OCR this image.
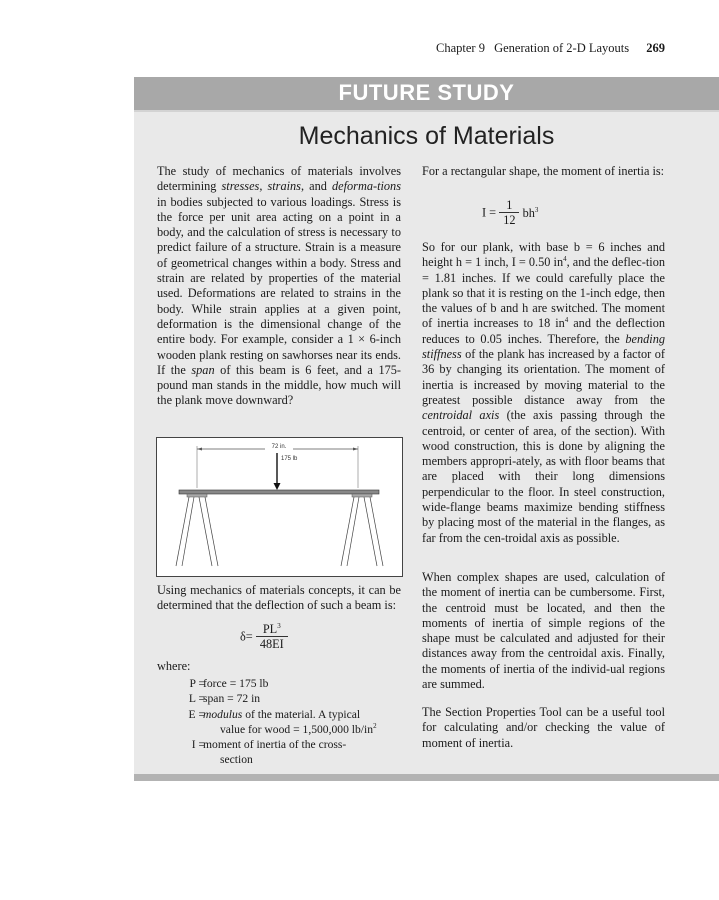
Chapter 9 Generation of 2-D Layouts 269
FUTURE STUDY
Mechanics of Materials

The study of mechanics of materials involves determining stresses, strains, and deforma-tions in bodies subjected to various loadings. Stress is the force per unit area acting on a point in a body, and the calculation of stress is necessary to predict failure of a structure. Strain is a measure of geometrical changes within a body. Stress and strain are related by properties of the material used. Deformations are related to strains in the body. While strain applies at a given point, deformation is the dimensional change of the entire body. For example, consider a 1 × 6-inch wooden plank resting on sawhorses near its ends. If the span of this beam is 6 feet, and a 175-pound man stands in the middle, how much will the plank move downward?

72 in.
175 lb

Using mechanics of materials concepts, it can be determined that the deflection of such a beam is:

$\delta= \frac{PL^3}{48EI}$

where:

P =
force = 175 lb
L =
span = 72 in
E =
modulus of the material. A typical
value for wood = 1,500,000 $lb/in^2$
I =
moment of inertia of the cross-
section

For a rectangular shape, the moment of inertia is:

$I = \frac{1}{12} bh^3$

So for our plank, with base b = 6 inches and height h = 1 inch, I = 0.50 $in^4$, and the deflec-tion = 1.81 inches. If we could carefully place the plank so that it is resting on the 1-inch edge, then the values of b and h are switched. The moment of inertia increases to 18 $in^4$ and the deflection reduces to 0.05 inches. Therefore, the bending stiffness of the plank has increased by a factor of 36 by changing its orientation. The moment of inertia is increased by moving material to the greatest possible distance away from the centroidal axis (the axis passing through the centroid, or center of area, of the section). With wood construction, this is done by aligning the members appropri-ately, as with floor beams that are placed with their long dimensions perpendicular to the floor. In steel construction, wide-flange beams maximize bending stiffness by placing most of the material in the flanges, as far from the cen-troidal axis as possible.

When complex shapes are used, calculation of the moment of inertia can be cumbersome. First, the centroid must be located, and then the moments of inertia of simple regions of the shape must be calculated and adjusted for their distances away from the centroidal axis. Finally, the moments of inertia of the individ-ual regions are summed.

The Section Properties Tool can be a useful tool for calculating and/or checking the value of moment of inertia.
